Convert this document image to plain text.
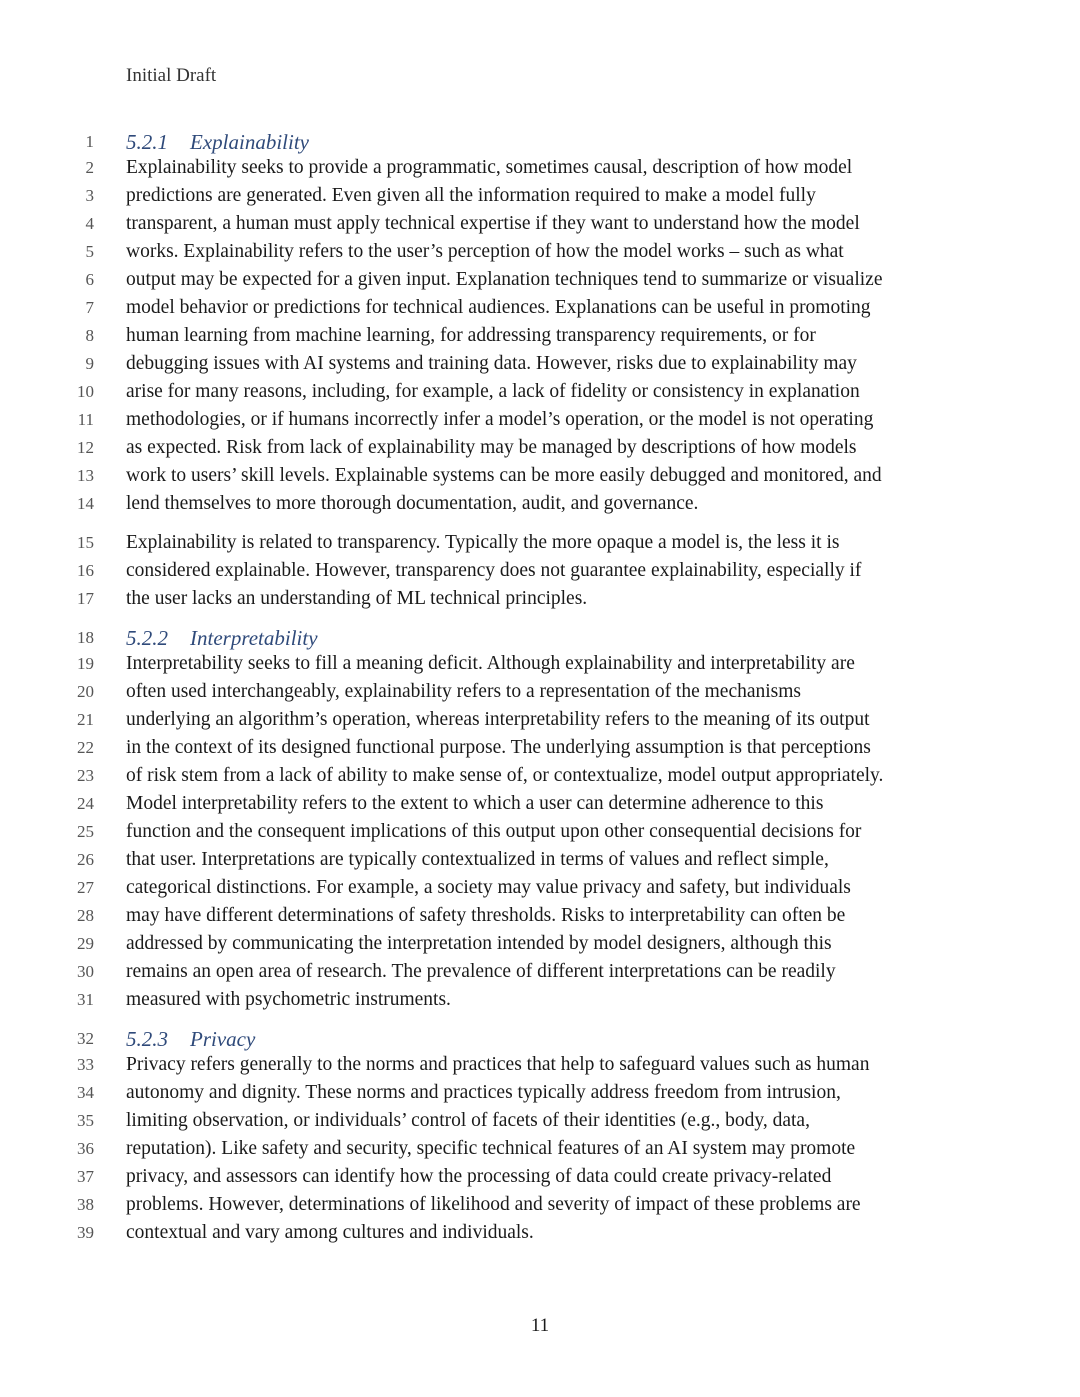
Initial Draft
1 5.2.1 Explainability
2 Explainability seeks to provide a programmatic, sometimes causal, description of how model
3 predictions are generated. Even given all the information required to make a model fully
4 transparent, a human must apply technical expertise if they want to understand how the model
5 works. Explainability refers to the user’s perception of how the model works – such as what
6 output may be expected for a given input. Explanation techniques tend to summarize or visualize
7 model behavior or predictions for technical audiences. Explanations can be useful in promoting
8 human learning from machine learning, for addressing transparency requirements, or for
9 debugging issues with AI systems and training data. However, risks due to explainability may
10 arise for many reasons, including, for example, a lack of fidelity or consistency in explanation
11 methodologies, or if humans incorrectly infer a model’s operation, or the model is not operating
12 as expected. Risk from lack of explainability may be managed by descriptions of how models
13 work to users’ skill levels. Explainable systems can be more easily debugged and monitored, and
14 lend themselves to more thorough documentation, audit, and governance.
15 Explainability is related to transparency. Typically the more opaque a model is, the less it is
16 considered explainable. However, transparency does not guarantee explainability, especially if
17 the user lacks an understanding of ML technical principles.
18 5.2.2 Interpretability
19 Interpretability seeks to fill a meaning deficit. Although explainability and interpretability are
20 often used interchangeably, explainability refers to a representation of the mechanisms
21 underlying an algorithm’s operation, whereas interpretability refers to the meaning of its output
22 in the context of its designed functional purpose. The underlying assumption is that perceptions
23 of risk stem from a lack of ability to make sense of, or contextualize, model output appropriately.
24 Model interpretability refers to the extent to which a user can determine adherence to this
25 function and the consequent implications of this output upon other consequential decisions for
26 that user. Interpretations are typically contextualized in terms of values and reflect simple,
27 categorical distinctions. For example, a society may value privacy and safety, but individuals
28 may have different determinations of safety thresholds. Risks to interpretability can often be
29 addressed by communicating the interpretation intended by model designers, although this
30 remains an open area of research. The prevalence of different interpretations can be readily
31 measured with psychometric instruments.
32 5.2.3 Privacy
33 Privacy refers generally to the norms and practices that help to safeguard values such as human
34 autonomy and dignity. These norms and practices typically address freedom from intrusion,
35 limiting observation, or individuals’ control of facets of their identities (e.g., body, data,
36 reputation). Like safety and security, specific technical features of an AI system may promote
37 privacy, and assessors can identify how the processing of data could create privacy-related
38 problems. However, determinations of likelihood and severity of impact of these problems are
39 contextual and vary among cultures and individuals.
11
